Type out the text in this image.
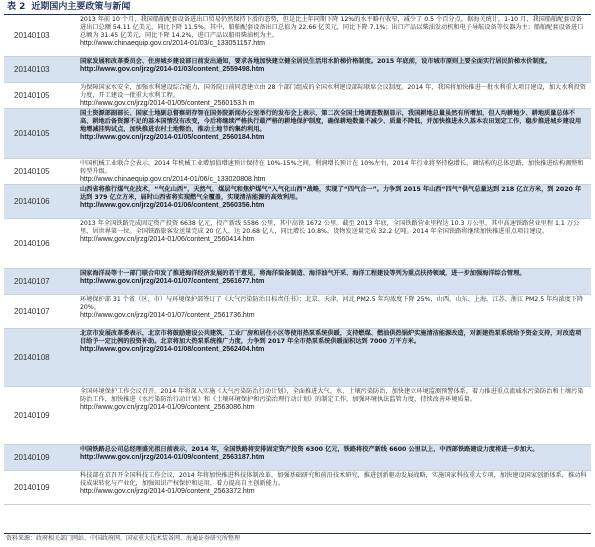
表 2 近期国内主要政策与新闻
20140103
2013 年前 10 个月，我国船舶配套设备进出口贸易仍然保持下滑的态势，但是比上年同期下降 12%的水平略有收窄，减少了 0.5 个百分点。据海关统计，1-10 月，我国船舶配套设备进出口总额 54.11 亿美元，同比下降 11.5%。其中，船舶配套设备出口总值为 22.66 亿美元，同比下降 7.1%；出口产品以柴油发动机和电子导航设备等仪器为主；船舶配套设备进口总额为 31.45 亿美元，同比下降 14.2%，进口产品以船用柴油机为主。
http://www.chinaequip.gov.cn/2014-01/03/c_133051157.htm
20140103
国家发展和改革委员会、住房城乡建设部日前发出通知，要求各地加快建立健全居民生活用水阶梯价格制度。2015 年底前，设市城市原则上要全面实行居民阶梯水价制度。
http://www.gov.cn/jrzg/2014-01/03/content_2559498.htm
20140105
为保障国家水安全，加强水利建设综合能力，国务院日前同意建立由 28 个部门组成的全国水利建设部际联席会议制度。2014 年，我国将加快推进一批水利重大项目建设，加大水利投资力度，开工建设一批重大水利工程。
http://www.gov.cn/jrzg/2014-01/05/content_2560153.h m
20140105
国土资源部副部长、国家土地副总督察胡存智在国务院新闻办公室举行的发布会上表示，第二次全国土地调查数据显示，我国耕地总量虽然有所增加，但人均耕地少、耕地质量总体不高、耕地后备资源不足的基本国情没有改变，今后将继续严格执行最严格的耕地保护制度，确保耕地数量不减少、质量不降低，并加快推进永久基本农田划定工作，稳步推进城乡建设用地增减挂钩试点，加快推进农村土地整治，推动土地节约集约利用。
http://www.gov.cn/jrzg/2014-01/05/content_2560184.htm
20140105
中国机械工业联合会表示，2014 年机械工业增加值增速预计保持在 10%-15%之间，利润增长预计在 10%左右，2014 年行业将坚持稳增长、调结构的总体思路，加快推进结构调整和转型升级。
http://www.chinaequip.gov.cn/2014-01/06/c_133020808.htm
20140106
山西省将推行煤气化技术，“气化山西”，天然气、煤层气和焦炉煤气“入气化山西”战略，实现了“四气合一”。力争到 2015 年山西“四气”供气总量达到 218 亿立方米，到 2020 年达到 379 亿立方米，届时山西省将实现燃气全覆盖，实现清洁能源的高效利用。
http://www.gov.cn/jrzg/2014-01/06/content_2560356.htm
20140106
2013 年全国铁路完成固定资产投资 6638 亿元，投产新线 5586 公里，其中高铁 1672 公里。截至 2013 年底，全国铁路营业里程达 10.3 万公里，其中高速铁路营业里程 1.1 万公里，居世界第一位。全国铁路旅客发送量完成 20 亿人，达 20.68 亿人，同比增长 10.8%。货物发送量完成 32.2 亿吨。2014 年全国铁路将继续加快推进重点项目建设。
http://www.gov.cn/jrzg/2014-01/06/content_2560414.htm
20140107
国家海洋局等十一部门联合印发了推进海洋经济发展的若干意见，将海洋装备制造、海洋油气开采、海洋工程建设等列为重点扶持领域，进一步加强海洋综合管理。
http://www.gov.cn/jrzg/2014-01/07/content_2561677.htm
20140107
环境保护部 31 个省（区、市）与环境保护部签订了《大气污染防治目标责任书》；北京、天津、河北 PM2.5 年均浓度下降 25%，山西、山东、上海、江苏、浙江 PM2.5 年均浓度下降 20%。
http://www.gov.cn/jrzg/2014-01/07/content_2561736.htm
20140108
北京市发展改革委表示，北京市将鼓励建设公共建筑、工业厂房和居住小区等使用热泵系统供暖，支持燃煤、燃油供热锅炉实施清洁能源改造，对新建热泵系统给予资金支持，对改造项目给予一定比例的投资补助。北京将加大热泵系统推广力度，力争到 2017 年全市热泵系统供暖面积达到 7000 万平方米。
http://www.gov.cn/jrzg/2014-01/08/content_2562404.htm
20140109
全国环境保护工作会议召开。2014 年将深入实施《大气污染防治行动计划》，全面推进大气、水、土壤污染防治，加快建立环境监测预警体系，着力推进重点流域水污染防治和土壤污染防治工作，加快推进《水污染防治行动计划》和《土壤环境保护和污染治理行动计划》的制定工作，加强环境执法监管力度，持续改善环境质量。
http://www.gov.cn/jrzg/2014-01/09/content_2563086.htm
20140109
中国铁路总公司总经理盛光祖日前表示，2014 年，全国铁路将安排固定资产投资 6300 亿元，铁路将投产新线 6600 公里以上，中西部铁路建设力度将进一步加大。
http://www.gov.cn/jrzg/2014-01/09/content_2563187.htm
20140109
科技部在京召开全国科技工作会议，2014 年将加快推进科技体制改革，加强基础研究和前沿技术研究，推进创新驱动发展战略，实施国家科技重大专项，加快建设国家创新体系，推动科技成果转化与产业化，加强知识产权保护和运用，着力提高自主创新能力。
http://www.gov.cn/jrzg/2014-01/09/content_2563372.htm
资料来源：政府相关部门网站、中国政府网、国家重大技术装备网、海通证券研究所整理
